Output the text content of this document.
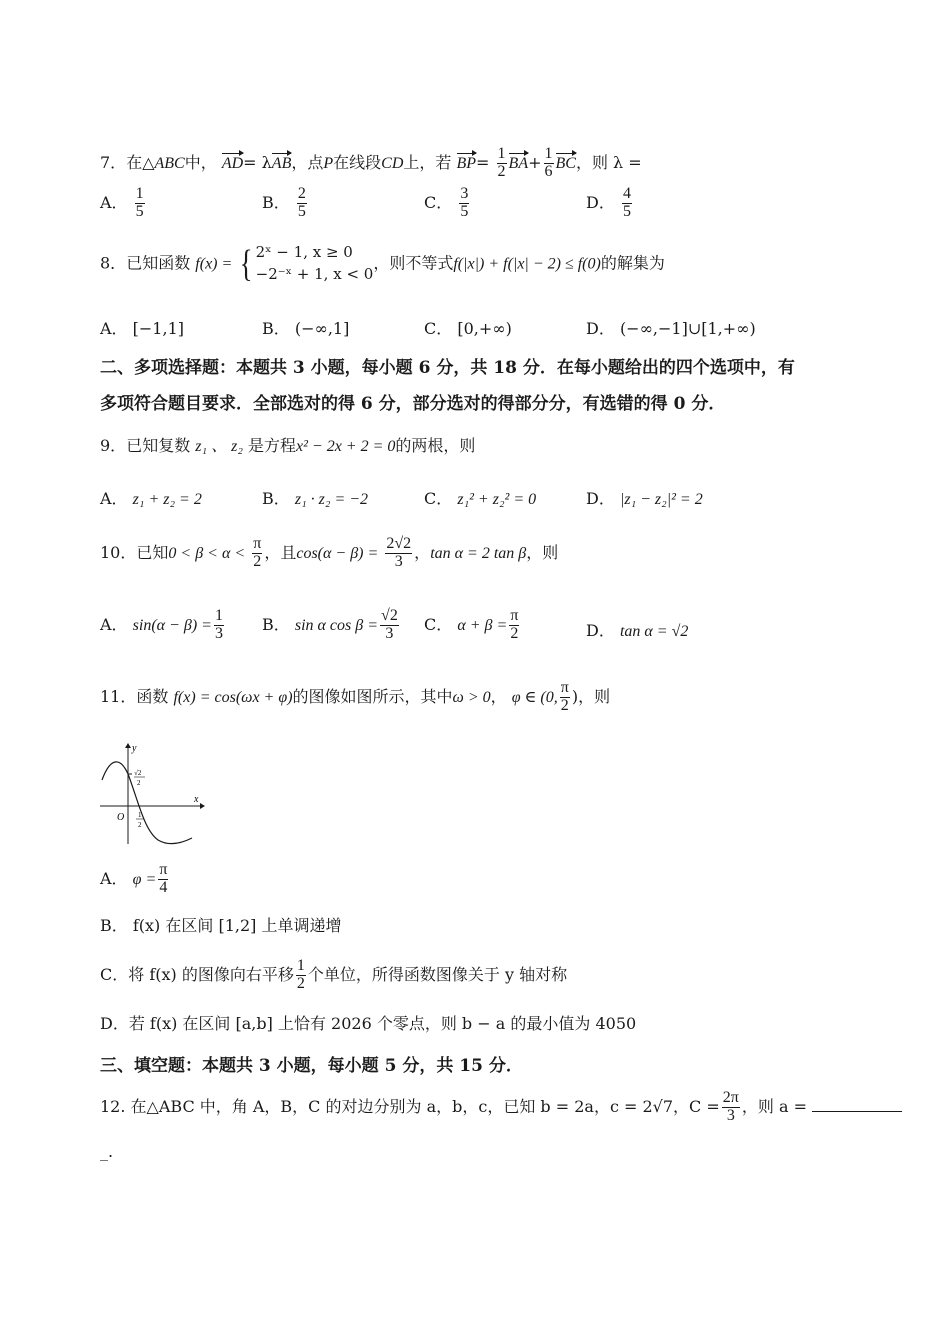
7．在△ABC中， AD= λAB，点P在线段CD上，若 $BP= \frac{1}{2} BA+ \frac{1}{6}$ BC，则 λ =
A． $\frac{1}{5}$	B． $\frac{2}{5}$	C． $\frac{3}{5}$	D． $\frac{4}{5}$
8．已知函数 f(x) = { 2ˣ − 1, x ≥ 0
−2⁻ˣ + 1, x < 0
，则不等式f(|x|) + f(|x| − 2) ≤ f(0)的解集为
A． [−1,1]	B． (−∞,1]	C． [0,+∞)	D． (−∞,−1]∪[1,+∞)
二、多项选择题：本题共 3 小题，每小题 6 分，共 18 分．在每小题给出的四个选项中，有
多项符合题目要求．全部选对的得 6 分，部分选对的得部分分，有选错的得 0 分．
9．已知复数 z₁ 、 z₂ 是方程x² − 2x + 2 = 0的两根，则
A． z₁ + z₂ = 2	B． z₁ · z₂ = −2	C． z₁² + z₂² = 0	D． |z₁ − z₂|² = 2
10．已知$0 < \beta < \alpha < \frac{\pi}{2}$ ，且$\cos(\alpha - \beta) = \frac{2√2}{3}$ ，tan α = 2 tan β，则
A． $\sin(\alpha - \beta) = \frac{1}{3}$ B． sin α $\cos \beta = \frac{√2}{3}$ C． $\alpha + \beta = \frac{\pi}{2}$	D． tan α = √2
11．函数 f(x) = cos(ωx + φ)的图像如图所示，其中ω > 0， φ ∈ (0, $\frac{\pi}{2}$ )，则
y
x
O
√2
2
1
2
A． $\varphi = \frac{\pi}{4}$
B． f(x) 在区间 [1,2] 上单调递增
C．将 f(x) 的图像向右平移 $\frac{1}{2}$ 个单位，所得函数图像关于 y 轴对称
D．若 f(x) 在区间 [a,b] 上恰有 2026 个零点，则 b − a 的最小值为 4050
三、填空题：本题共 3 小题，每小题 5 分，共 15 分．
12. 在△ABC 中，角 A，B，C 的对边分别为 a，b，c，已知 b = 2a，c = 2√7，$C = \frac{2\pi}{3}$ ，则 a =
_.
